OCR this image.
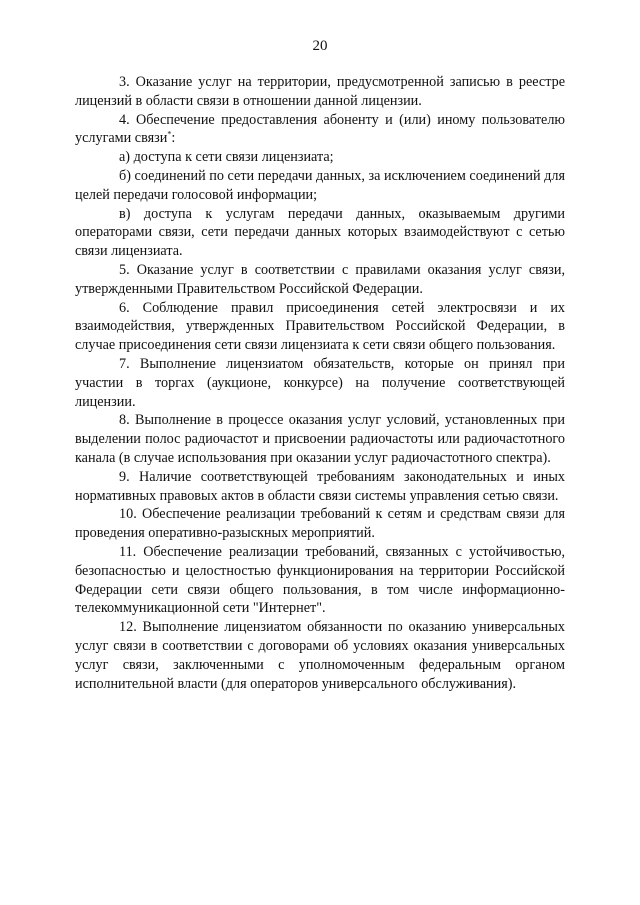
20

3. Оказание услуг на территории, предусмотренной записью в реестре лицензий в области связи в отношении данной лицензии.

4. Обеспечение предоставления абоненту и (или) иному пользователю услугами связи*:

а) доступа к сети связи лицензиата;

б) соединений по сети передачи данных, за исключением соединений для целей передачи голосовой информации;

в) доступа к услугам передачи данных, оказываемым другими операторами связи, сети передачи данных которых взаимодействуют с сетью связи лицензиата.

5. Оказание услуг в соответствии с правилами оказания услуг связи, утвержденными Правительством Российской Федерации.

6. Соблюдение правил присоединения сетей электросвязи и их взаимодействия, утвержденных Правительством Российской Федерации, в случае присоединения сети связи лицензиата к сети связи общего пользования.

7. Выполнение лицензиатом обязательств, которые он принял при участии в торгах (аукционе, конкурсе) на получение соответствующей лицензии.

8. Выполнение в процессе оказания услуг условий, установленных при выделении полос радиочастот и присвоении радиочастоты или радиочастотного канала (в случае использования при оказании услуг радиочастотного спектра).

9. Наличие соответствующей требованиям законодательных и иных нормативных правовых актов в области связи системы управления сетью связи.

10. Обеспечение реализации требований к сетям и средствам связи для проведения оперативно-разыскных мероприятий.

11. Обеспечение реализации требований, связанных с устойчивостью, безопасностью и целостностью функционирования на территории Российской Федерации сети связи общего пользования, в том числе информационно-телекоммуникационной сети "Интернет".

12. Выполнение лицензиатом обязанности по оказанию универсальных услуг связи в соответствии с договорами об условиях оказания универсальных услуг связи, заключенными с уполномоченным федеральным органом исполнительной власти (для операторов универсального обслуживания).
